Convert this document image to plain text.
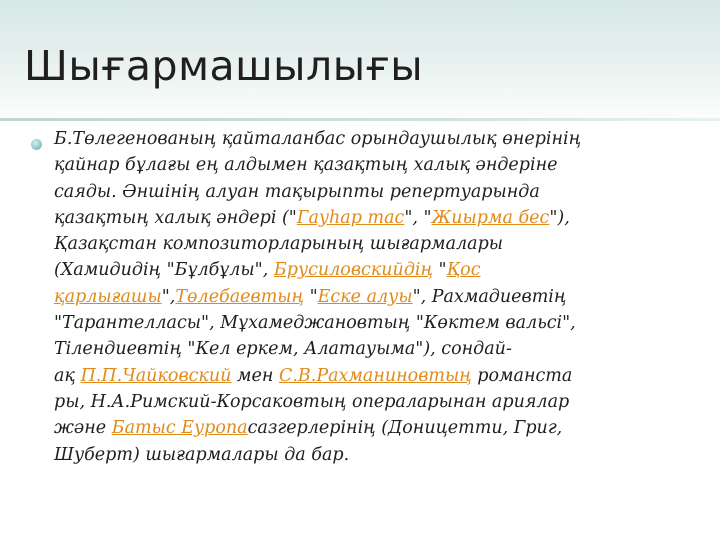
Шығармашылығы
Б.Төлегенованың қайталанбас орындаушылық өнерінің
қайнар бұлағы ең алдымен қазақтың халық әндеріне
саяды. Әншінің алуан тақырыпты репертуарында
қазақтың халық әндері ("Гауһар тас", "Жиырма бес"),
Қазақстан композиторларының шығармалары
(Хамидидің "Бұлбұлы", Брусиловскийдің "Қос
қарлығашы",Төлебаевтың "Еске алуы", Рахмадиевтің
"Тарантелласы", Мұхамеджановтың "Көктем вальсі",
Тілендиевтің "Кел еркем, Алатауыма"), сондай-
ақ П.П.Чайковский мен С.В.Рахманиновтың романста
ры, Н.А.Римский-Корсаковтың операларынан ариялар
және Батыс Еуропасазгерлерінің (Доницетти, Григ,
Шуберт) шығармалары да бар.
